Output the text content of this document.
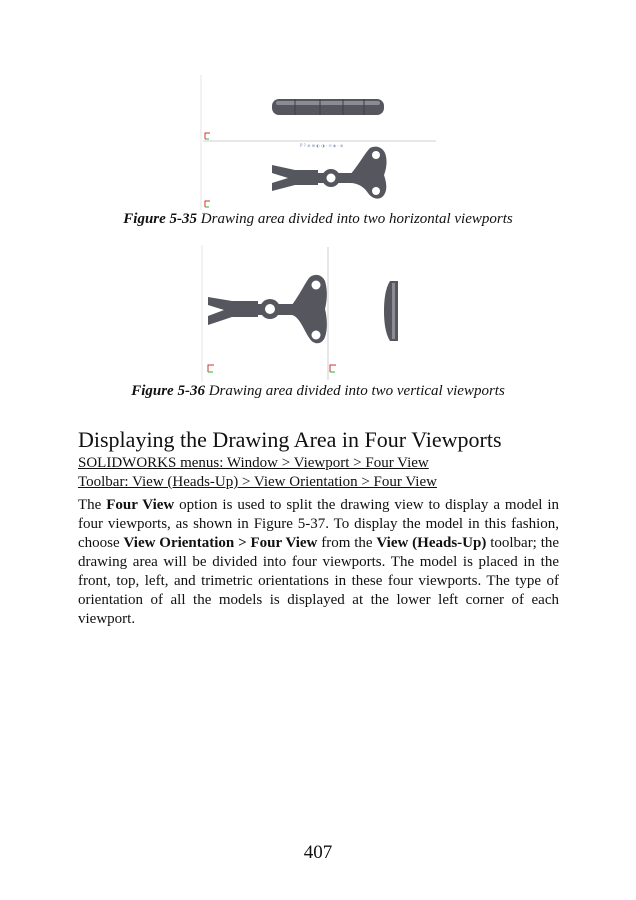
P ? ⊕ ⊞ ◐ ◑ · ⊙ ◈ · ⊗
Figure 5-35 Drawing area divided into two horizontal viewports
Figure 5-36 Drawing area divided into two vertical viewports
Displaying the Drawing Area in Four Viewports
SOLIDWORKS menus: Window > Viewport > Four View
Toolbar: View (Heads-Up) > View Orientation > Four View

The Four View option is used to split the drawing view to display a model in four viewports, as shown in Figure 5-37. To display the model in this fashion, choose View Orientation > Four View from the View (Heads-Up) toolbar; the drawing area will be divided into four viewports. The model is placed in the front, top, left, and trimetric orientations in these four viewports. The type of orientation of all the models is displayed at the lower left corner of each viewport.

407
